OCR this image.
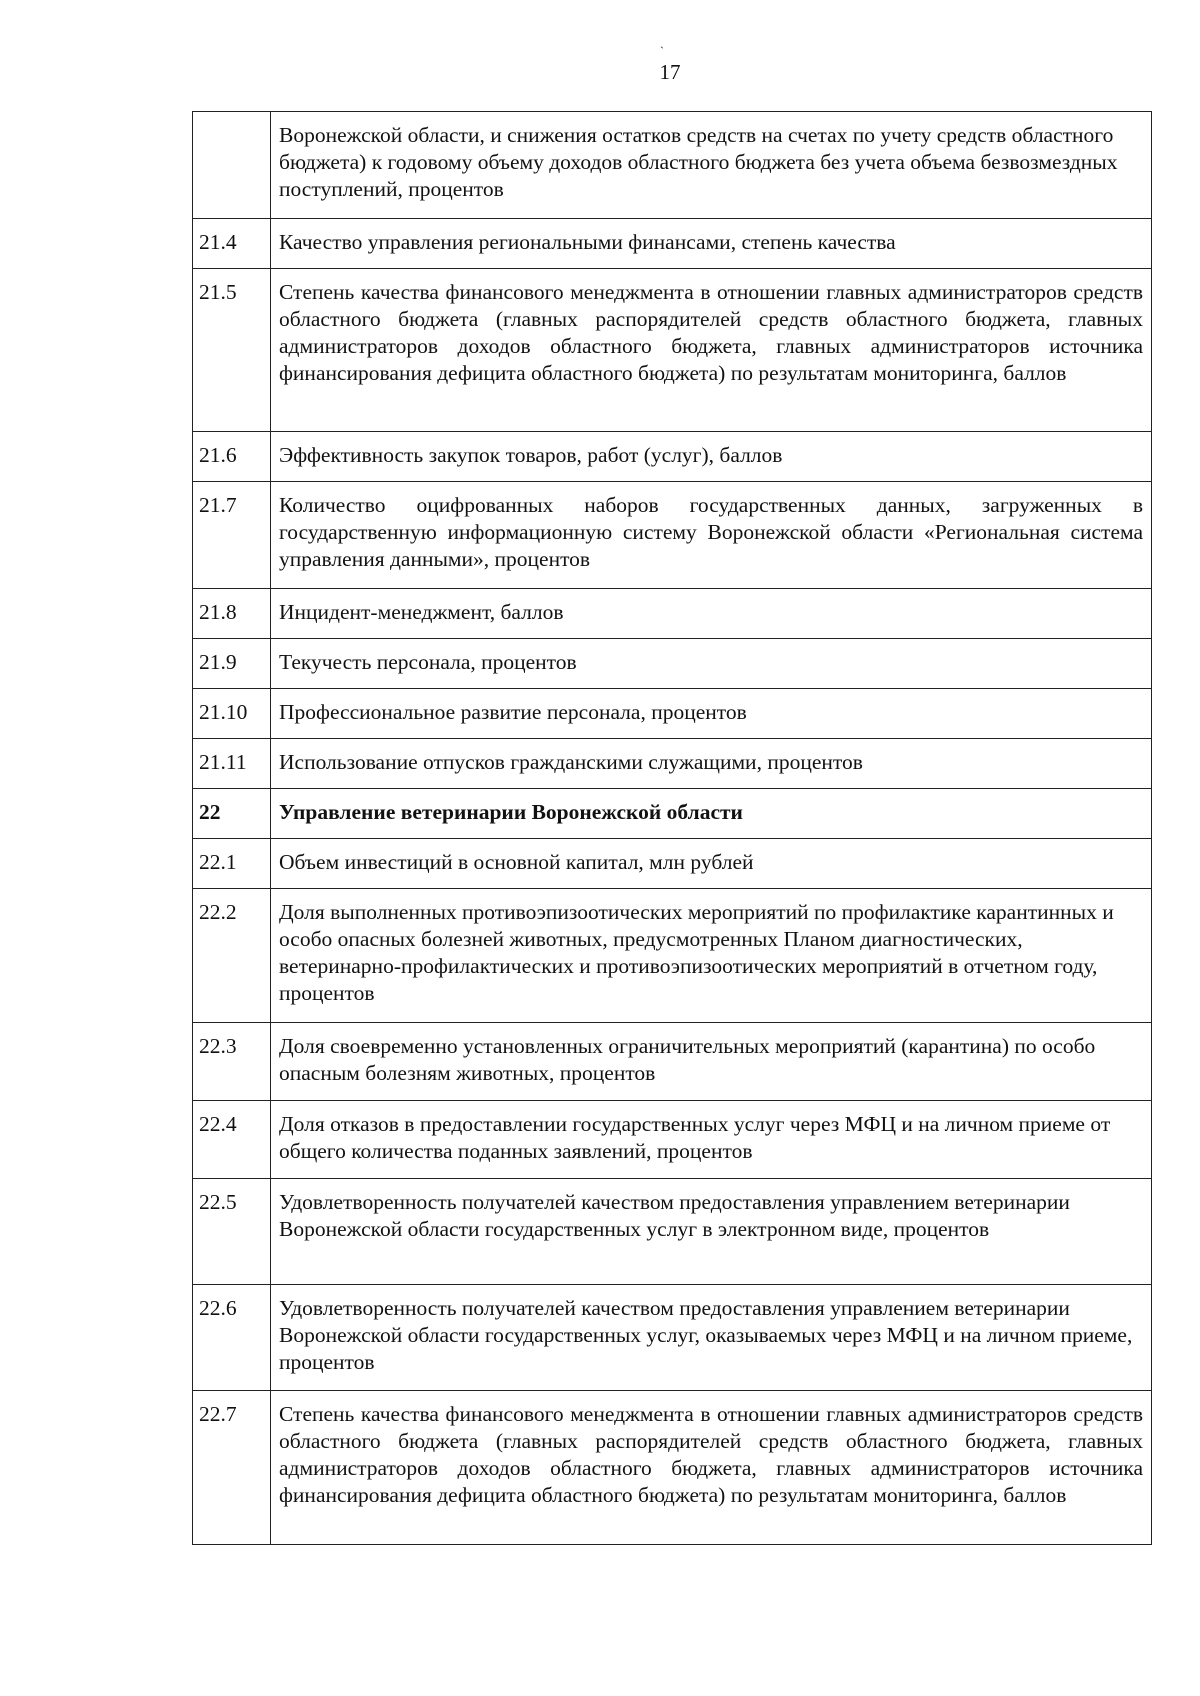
`
17
	Воронежской области, и снижения остатков средств на счетах по учету средств областного бюджета) к годовому объему доходов областного бюджета без учета объема безвозмездных поступлений, процентов
21.4	Качество управления региональными финансами, степень качества
21.5	Степень качества финансового менеджмента в отношении главных администраторов средств областного бюджета (главных распорядителей средств областного бюджета, главных администраторов доходов областного бюджета, главных администраторов источника финансирования дефицита областного бюджета) по результатам мониторинга, баллов
21.6	Эффективность закупок товаров, работ (услуг), баллов
21.7	Количество оцифрованных наборов государственных данных, загруженных в государственную информационную систему Воронежской области «Региональная система управления данными», процентов
21.8	Инцидент-менеджмент, баллов
21.9	Текучесть персонала, процентов
21.10	Профессиональное развитие персонала, процентов
21.11	Использование отпусков гражданскими служащими, процентов
22	Управление ветеринарии Воронежской области
22.1	Объем инвестиций в основной капитал, млн рублей
22.2	Доля выполненных противоэпизоотических мероприятий по профилактике карантинных и особо опасных болезней животных, предусмотренных Планом диагностических, ветеринарно-профилактических и противоэпизоотических мероприятий в отчетном году, процентов
22.3	Доля своевременно установленных ограничительных мероприятий (карантина) по особо опасным болезням животных, процентов
22.4	Доля отказов в предоставлении государственных услуг через МФЦ и на личном приеме от общего количества поданных заявлений, процентов
22.5	Удовлетворенность получателей качеством предоставления управлением ветеринарии Воронежской области государственных услуг в электронном виде, процентов
22.6	Удовлетворенность получателей качеством предоставления управлением ветеринарии Воронежской области государственных услуг, оказываемых через МФЦ и на личном приеме, процентов
22.7	Степень качества финансового менеджмента в отношении главных администраторов средств областного бюджета (главных распорядителей средств областного бюджета, главных администраторов доходов областного бюджета, главных администраторов источника финансирования дефицита областного бюджета) по результатам мониторинга, баллов
